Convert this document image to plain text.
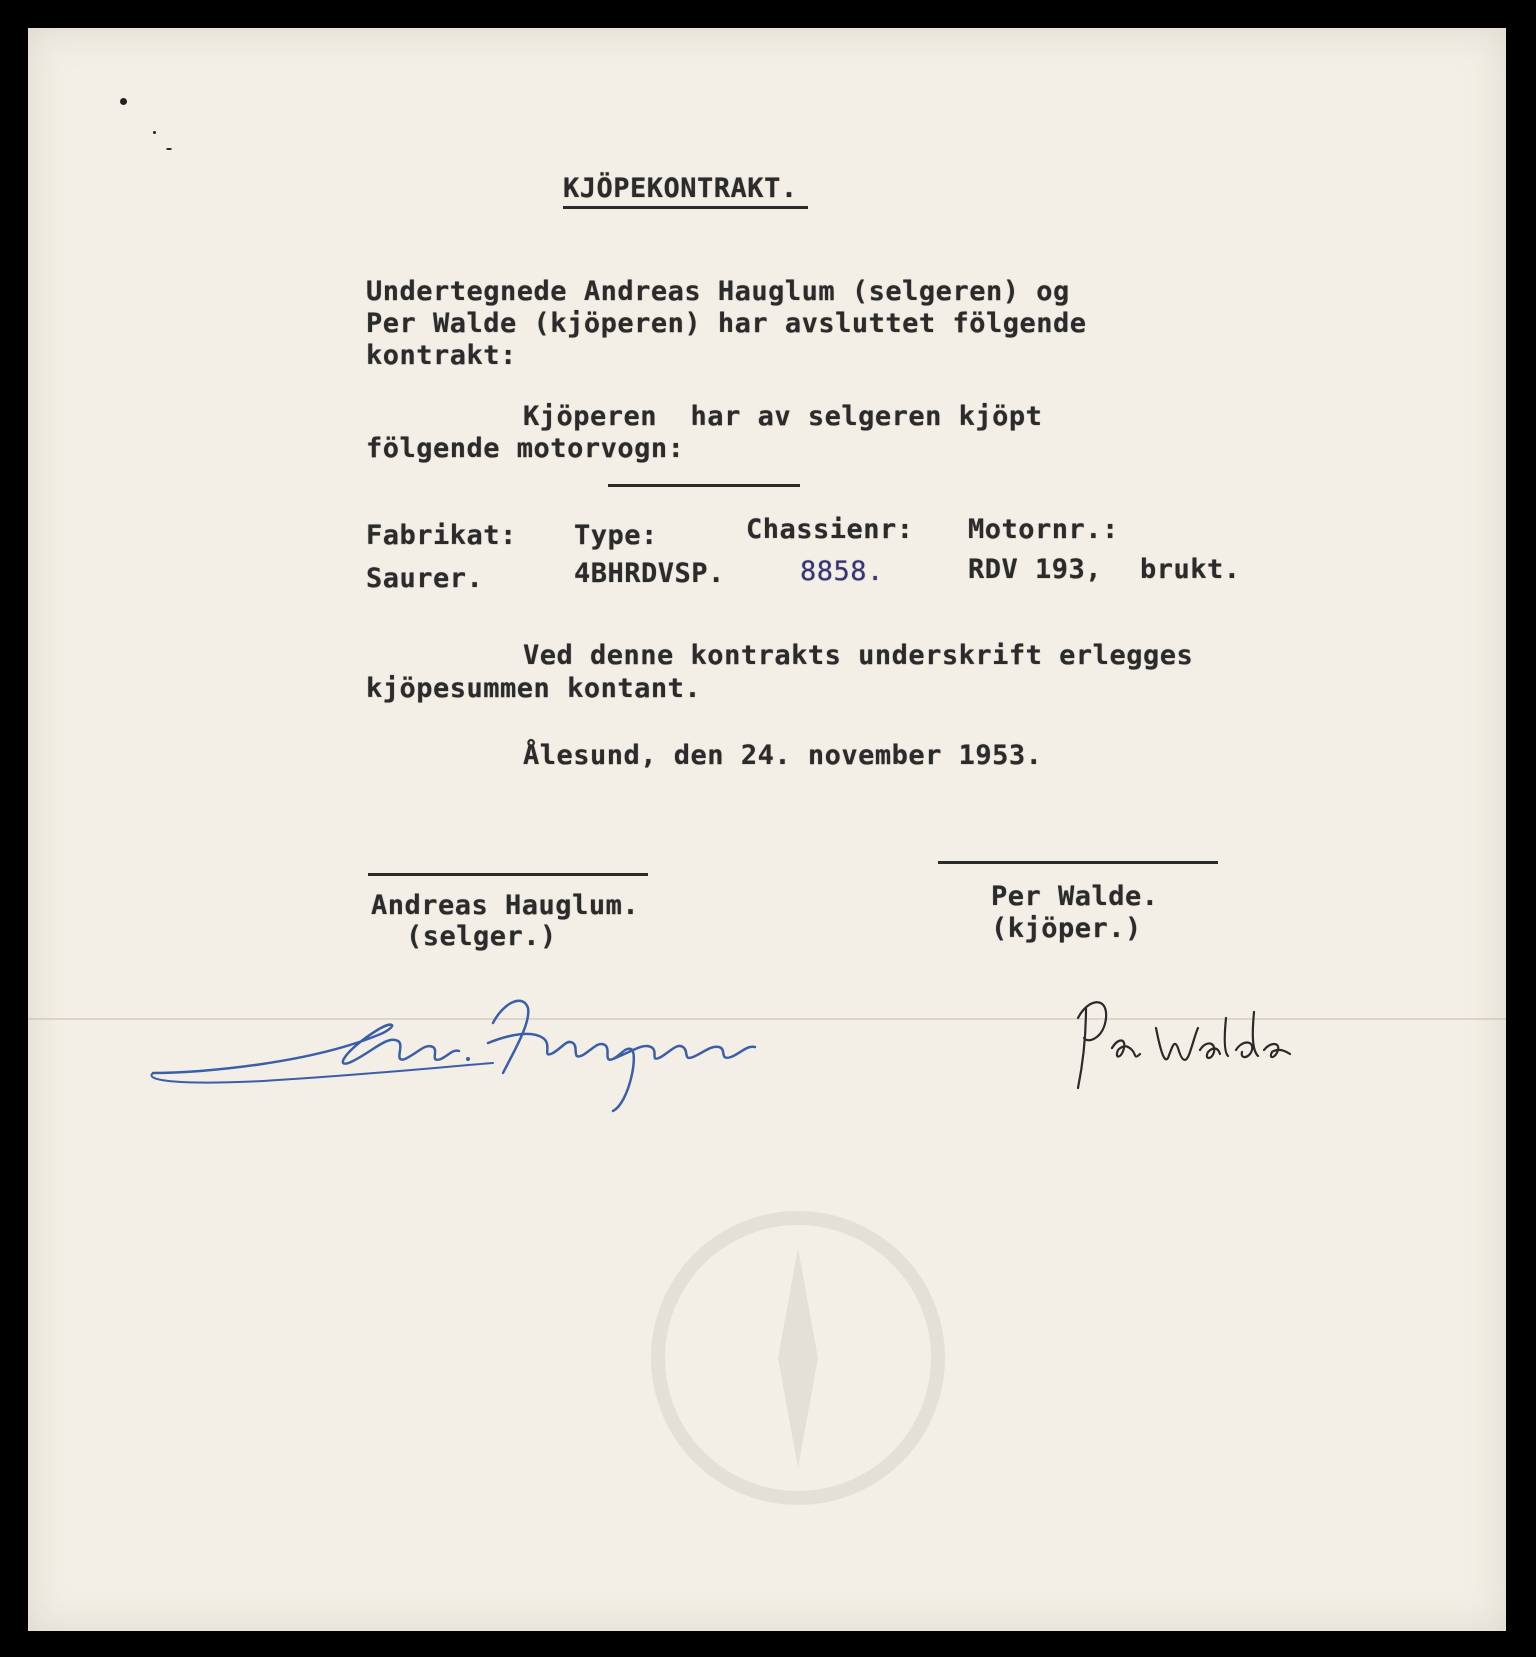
KJÖPEKONTRAKT.
Undertegnede Andreas Hauglum (selgeren) og
Per Walde (kjöperen) har avsluttet fölgende
kontrakt:
Kjöperen  har av selgeren kjöpt
fölgende motorvogn:
Fabrikat: Type:	Chassienr: Motornr.:
Saurer.	4BHRDVSP.	8858.	RDV 193, brukt.
Ved denne kontrakts underskrift erlegges
kjöpesummen kontant.
Ålesund, den 24. november 1953.
Andreas Hauglum.
(selger.)
Per Walde.
(kjöper.)
